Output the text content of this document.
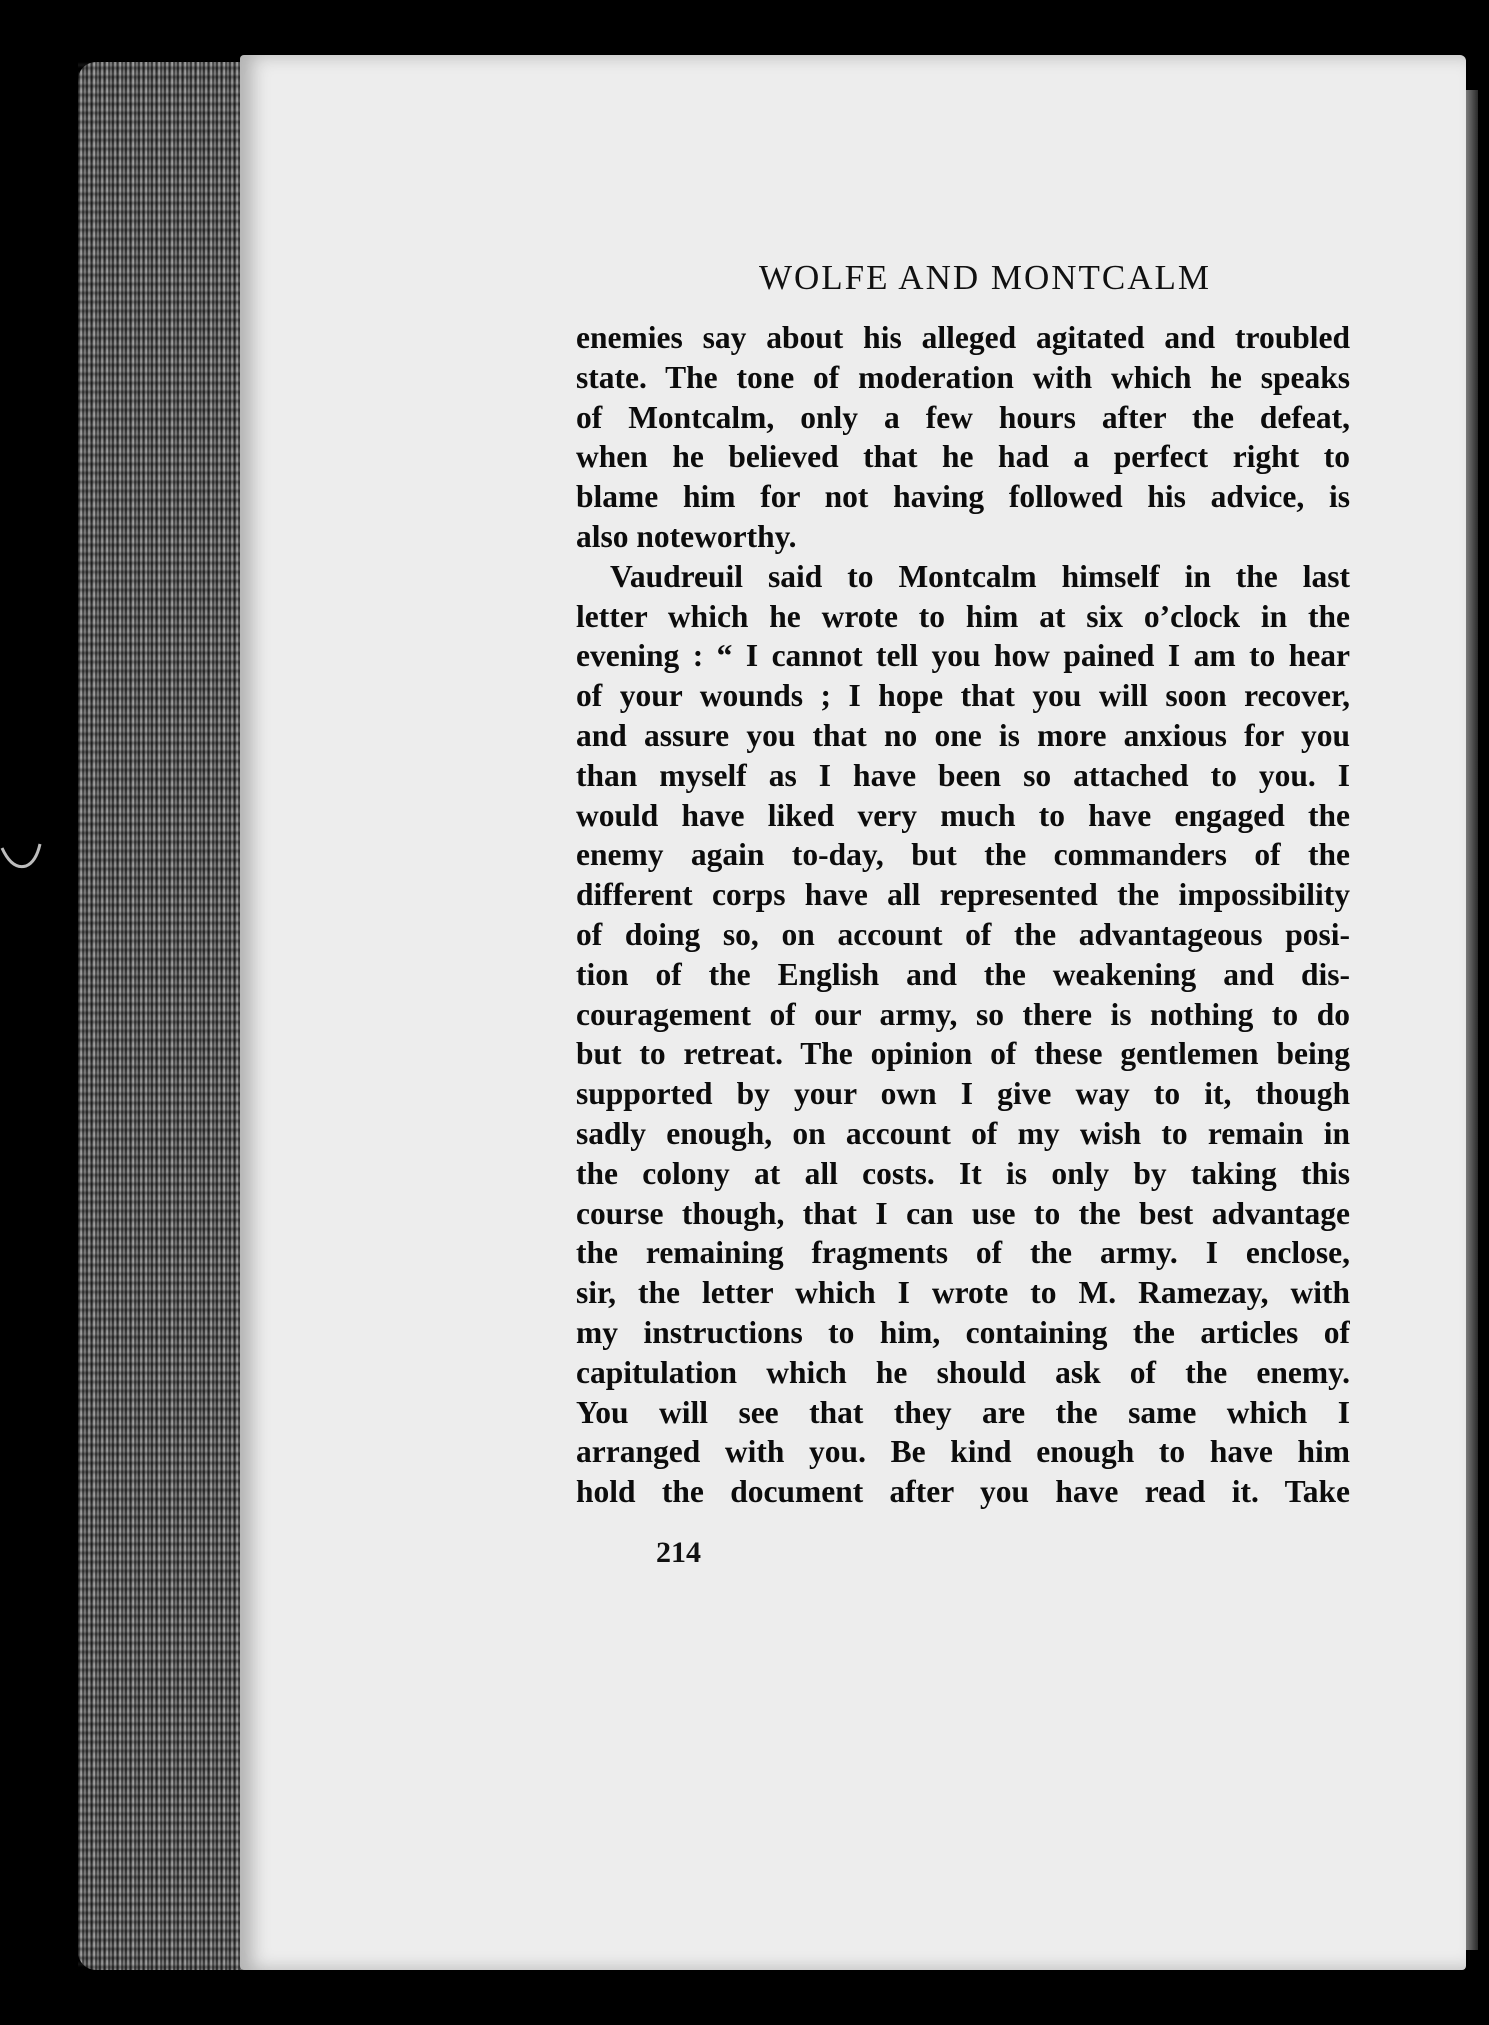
WOLFE AND MONTCALM
enemies say about his alleged agitated and troubled
state. The tone of moderation with which he speaks
of Montcalm, only a few hours after the defeat,
when he believed that he had a perfect right to
blame him for not having followed his advice, is
also noteworthy.
Vaudreuil said to Montcalm himself in the last
letter which he wrote to him at six o’clock in the
evening : “ I cannot tell you how pained I am to hear
of your wounds ; I hope that you will soon recover,
and assure you that no one is more anxious for you
than myself as I have been so attached to you. I
would have liked very much to have engaged the
enemy again to-day, but the commanders of the
different corps have all represented the impossibility
of doing so, on account of the advantageous posi-
tion of the English and the weakening and dis-
couragement of our army, so there is nothing to do
but to retreat. The opinion of these gentlemen being
supported by your own I give way to it, though
sadly enough, on account of my wish to remain in
the colony at all costs. It is only by taking this
course though, that I can use to the best advantage
the remaining fragments of the army. I enclose,
sir, the letter which I wrote to M. Ramezay, with
my instructions to him, containing the articles of
capitulation which he should ask of the enemy.
You will see that they are the same which I
arranged with you. Be kind enough to have him
hold the document after you have read it. Take
214
